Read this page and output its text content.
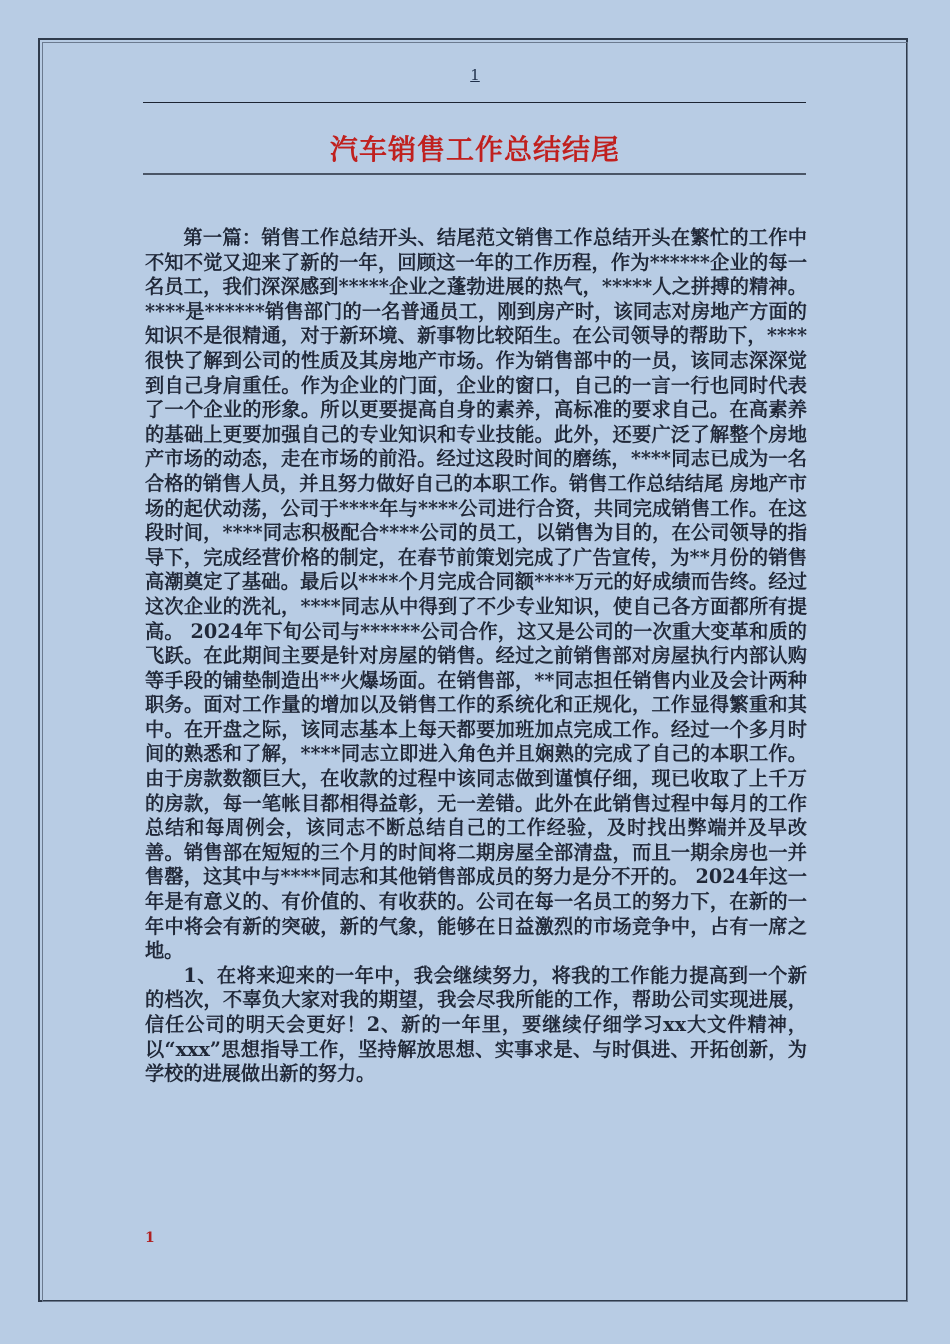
1
汽车销售工作总结结尾

第一篇：销售工作总结开头、结尾范文销售工作总结开头在繁忙的工作中不知不觉又迎来了新的一年，回顾这一年的工作历程，作为******企业的每一名员工，我们深深感到*****企业之蓬勃进展的热气，*****人之拼搏的精神。****是******销售部门的一名普通员工，刚到房产时，该同志对房地产方面的知识不是很精通，对于新环境、新事物比较陌生。在公司领导的帮助下，****很快了解到公司的性质及其房地产市场。作为销售部中的一员，该同志深深觉到自己身肩重任。作为企业的门面，企业的窗口，自己的一言一行也同时代表了一个企业的形象。所以更要提高自身的素养，高标准的要求自己。在高素养的基础上更要加强自己的专业知识和专业技能。此外，还要广泛了解整个房地产市场的动态，走在市场的前沿。经过这段时间的磨练，****同志已成为一名合格的销售人员，并且努力做好自己的本职工作。销售工作总结结尾 房地产市场的起伏动荡，公司于****年与****公司进行合资，共同完成销售工作。在这段时间，****同志积极配合****公司的员工，以销售为目的，在公司领导的指导下，完成经营价格的制定，在春节前策划完成了广告宣传，为**月份的销售高潮奠定了基础。最后以****个月完成合同额****万元的好成绩而告终。经过这次企业的洗礼，****同志从中得到了不少专业知识，使自己各方面都所有提高。 2024年下旬公司与******公司合作，这又是公司的一次重大变革和质的飞跃。在此期间主要是针对房屋的销售。经过之前销售部对房屋执行内部认购等手段的铺垫制造出**火爆场面。在销售部，**同志担任销售内业及会计两种职务。面对工作量的增加以及销售工作的系统化和正规化，工作显得繁重和其中。在开盘之际，该同志基本上每天都要加班加点完成工作。经过一个多月时间的熟悉和了解，****同志立即进入角色并且娴熟的完成了自己的本职工作。由于房款数额巨大，在收款的过程中该同志做到谨慎仔细，现已收取了上千万的房款，每一笔帐目都相得益彰，无一差错。此外在此销售过程中每月的工作总结和每周例会，该同志不断总结自己的工作经验，及时找出弊端并及早改善。销售部在短短的三个月的时间将二期房屋全部清盘，而且一期余房也一并售罄，这其中与****同志和其他销售部成员的努力是分不开的。 2024年这一年是有意义的、有价值的、有收获的。公司在每一名员工的努力下，在新的一年中将会有新的突破，新的气象，能够在日益激烈的市场竞争中，占有一席之地。

1、在将来迎来的一年中，我会继续努力，将我的工作能力提高到一个新的档次，不辜负大家对我的期望，我会尽我所能的工作，帮助公司实现进展，信任公司的明天会更好！2、新的一年里，要继续仔细学习xx大文件精神，以“xxx”思想指导工作，坚持解放思想、实事求是、与时俱进、开拓创新，为学校的进展做出新的努力。

1
